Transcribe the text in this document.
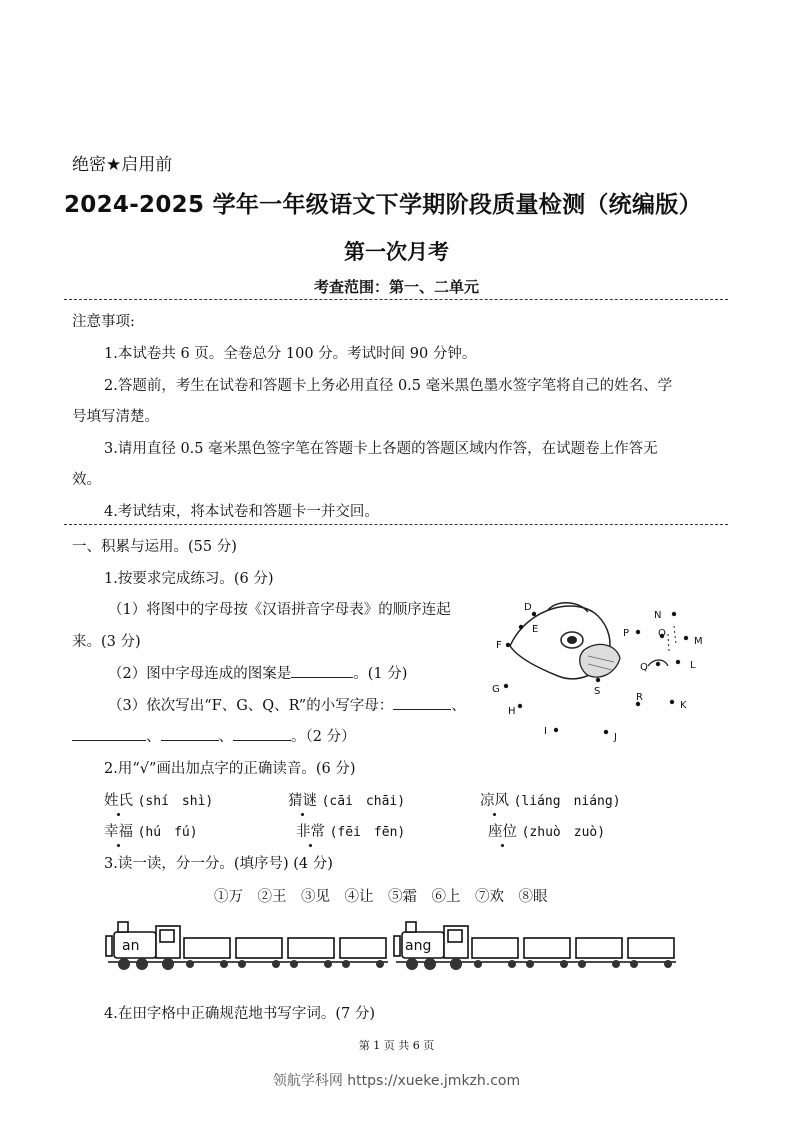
绝密★启用前
2024-2025 学年一年级语文下学期阶段质量检测（统编版）
第一次月考
考查范围：第一、二单元
注意事项:
1.本试卷共 6 页。全卷总分 100 分。考试时间 90 分钟。
2.答题前，考生在试卷和答题卡上务必用直径 0.5 毫米黑色墨水签字笔将自己的姓名、学
号填写清楚。
3.请用直径 0.5 毫米黑色签字笔在答题卡上各题的答题区域内作答，在试题卷上作答无
效。
4.考试结束，将本试卷和答题卡一并交回。
一、积累与运用。(55 分)
1.按要求完成练习。(6 分)
（1）将图中的字母按《汉语拼音字母表》的顺序连起
来。(3 分)
（2）图中字母连成的图案是	。(1 分)
（3）依次写出“F、G、Q、R”的小写字母：	、
、	、	。（2 分）
D
E
F
G
H
I
J
K
L
M
N
O
P
Q
R
S
2.用“√”画出加点字的正确读音。(6 分)
姓氏 (shí　shì)	猜谜 (cāi　chāi)	凉风 (liáng　niáng)
幸福 (hú　fú)	非常 (fēi　fēn)	座位 (zhuò　zuò)
3.读一读，分一分。(填序号) (4 分)
①万　②王　③见　④让　⑤霜　⑥上　⑦欢　⑧眼
an	ang
4.在田字格中正确规范地书写字词。(7 分)
第 1 页 共 6 页
领航学科网 https://xueke.jmkzh.com
